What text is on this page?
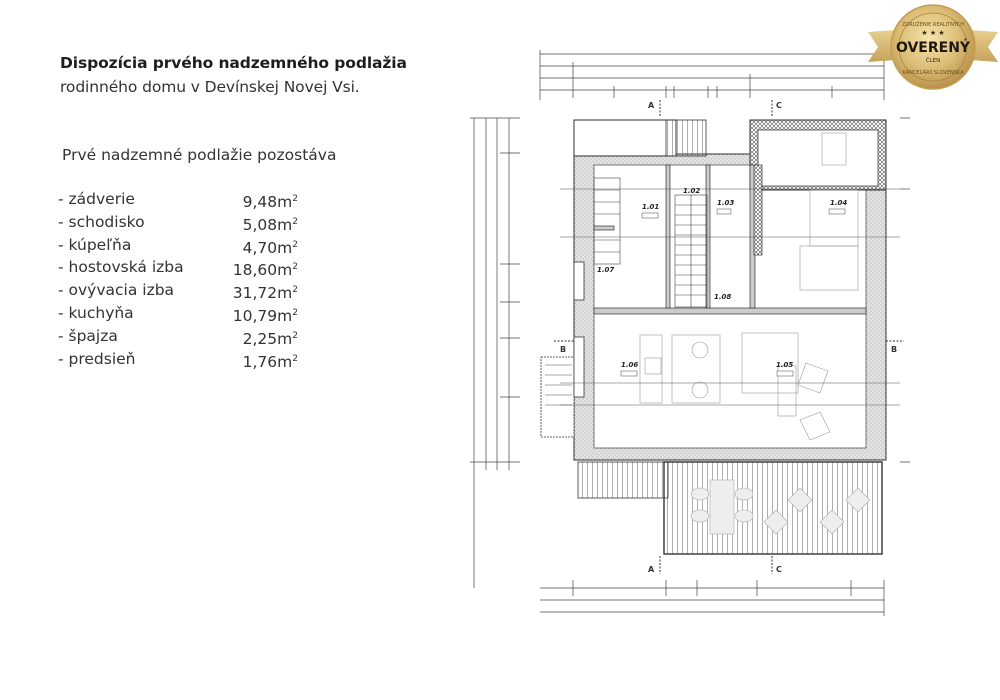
Dispozícia prvého nadzemného podlažia
rodinného domu v Devínskej Novej Vsi.
Prvé nadzemné podlažie pozostáva
- zádverie	$9,48m^2$
- schodisko	$5,08m^2$
- kúpeľňa	$4,70m^2$
- hostovská izba	$18,60m^2$
- ovývacia izba	$31,72m^2$
- kuchyňa	$10,79m^2$
- špajza	$2,25m^2$
- predsieň	$1,76m^2$
A	C
B	B
A	C
1.01
1.02
1.03	1.04
1.05
1.06
1.07
1.08
ZDRUŽENIE REALITNÝCH
★ ★ ★
OVERENÝ
ČLEN
KANCELÁRIÍ SLOVENSKA
